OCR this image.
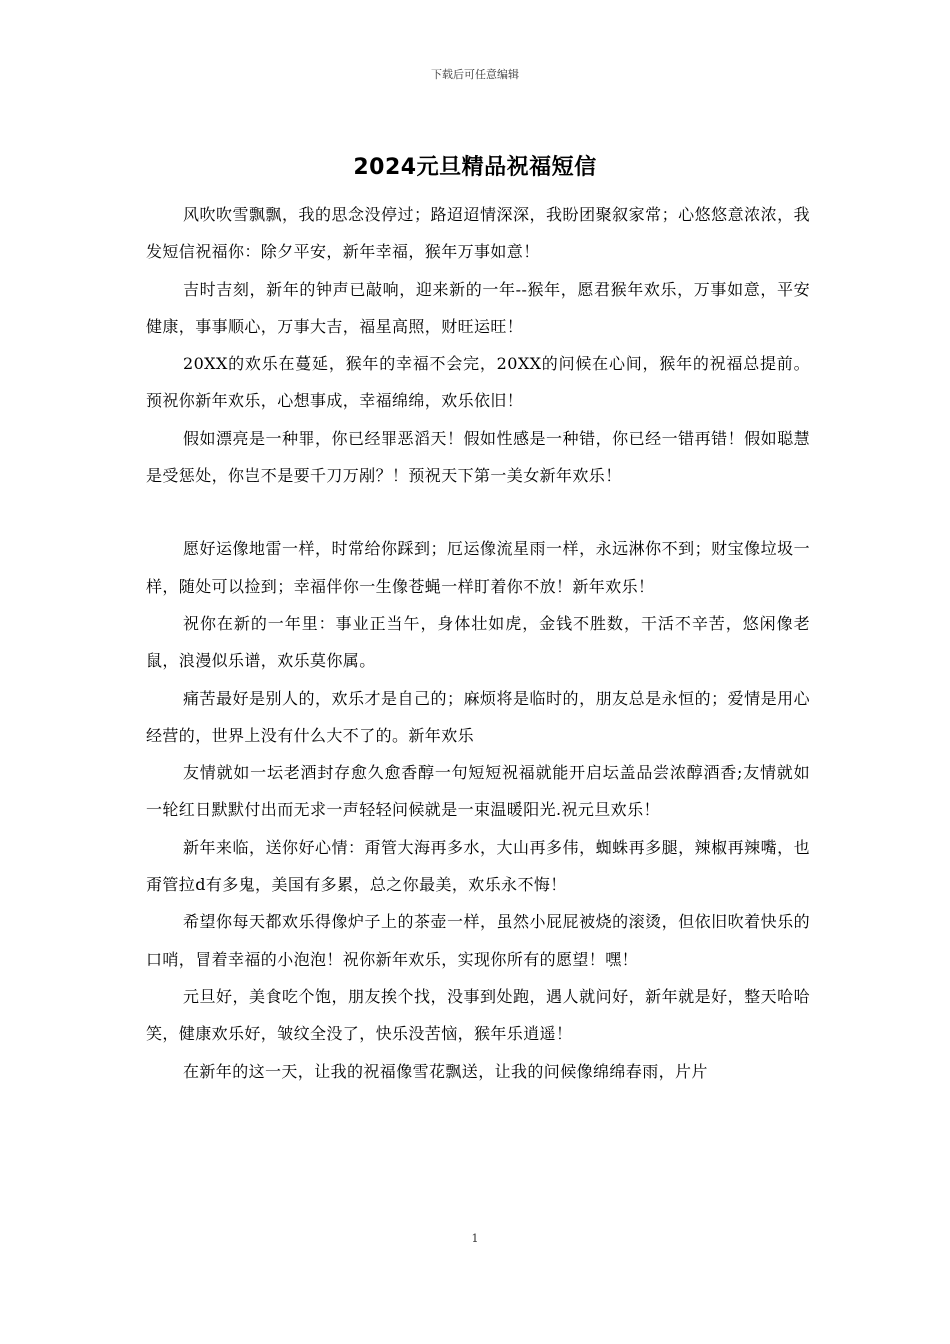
下载后可任意编辑
2024元旦精品祝福短信

风吹吹雪飘飘，我的思念没停过；路迢迢情深深，我盼团聚叙家常；心悠悠意浓浓，我发短信祝福你：除夕平安，新年幸福，猴年万事如意！

吉时吉刻，新年的钟声已敲响，迎来新的一年--猴年，愿君猴年欢乐，万事如意，平安健康，事事顺心，万事大吉，福星高照，财旺运旺！

20XX的欢乐在蔓延，猴年的幸福不会完，20XX的问候在心间，猴年的祝福总提前。预祝你新年欢乐，心想事成，幸福绵绵，欢乐依旧！

假如漂亮是一种罪，你已经罪恶滔天！假如性感是一种错，你已经一错再错！假如聪慧是受惩处，你岂不是要千刀万剐？！预祝天下第一美女新年欢乐！

愿好运像地雷一样，时常给你踩到；厄运像流星雨一样，永远淋你不到；财宝像垃圾一样，随处可以捡到；幸福伴你一生像苍蝇一样盯着你不放！新年欢乐！

祝你在新的一年里：事业正当午，身体壮如虎，金钱不胜数，干活不辛苦，悠闲像老鼠，浪漫似乐谱，欢乐莫你属。

痛苦最好是别人的，欢乐才是自己的；麻烦将是临时的，朋友总是永恒的；爱情是用心经营的，世界上没有什么大不了的。新年欢乐

友情就如一坛老酒封存愈久愈香醇一句短短祝福就能开启坛盖品尝浓醇酒香;友情就如一轮红日默默付出而无求一声轻轻问候就是一束温暖阳光.祝元旦欢乐！

新年来临，送你好心情：甭管大海再多水，大山再多伟，蜘蛛再多腿，辣椒再辣嘴，也甭管拉d有多鬼，美国有多累，总之你最美，欢乐永不悔！

希望你每天都欢乐得像炉子上的茶壶一样，虽然小屁屁被烧的滚烫，但依旧吹着快乐的口哨，冒着幸福的小泡泡！祝你新年欢乐，实现你所有的愿望！嘿！

元旦好，美食吃个饱，朋友挨个找，没事到处跑，遇人就问好，新年就是好，整天哈哈笑，健康欢乐好，皱纹全没了，快乐没苦恼，猴年乐逍遥！

在新年的这一天，让我的祝福像雪花飘送，让我的问候像绵绵春雨，片片

1
